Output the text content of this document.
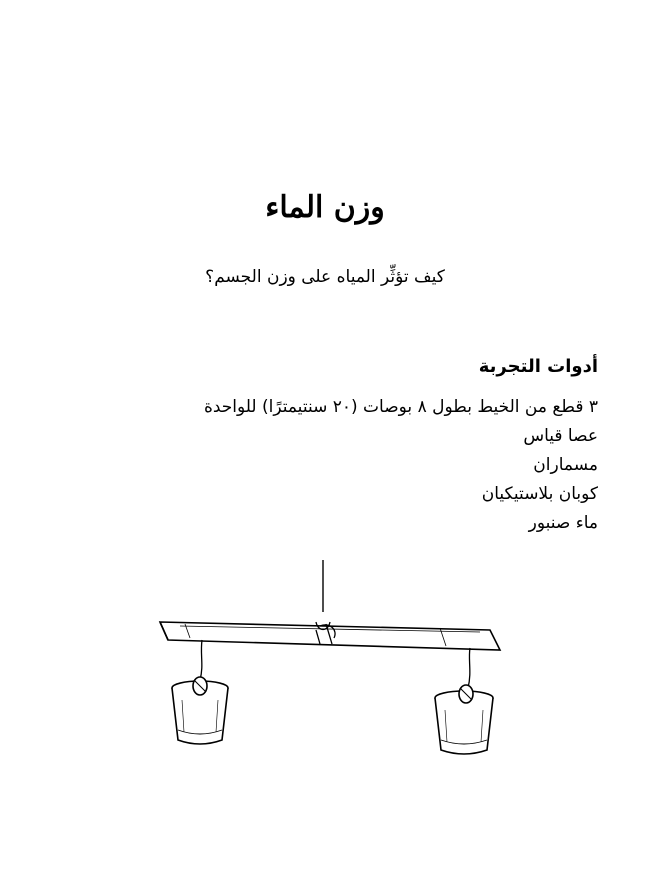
وزن الماء

كيف تؤثِّر المياه على وزن الجسم؟

أدوات التجربة
٣ قطع من الخيط بطول ٨ بوصات (٢٠ سنتيمترًا) للواحدة
عصا قياس
مسماران
كوبان بلاستيكيان
ماء صنبور
